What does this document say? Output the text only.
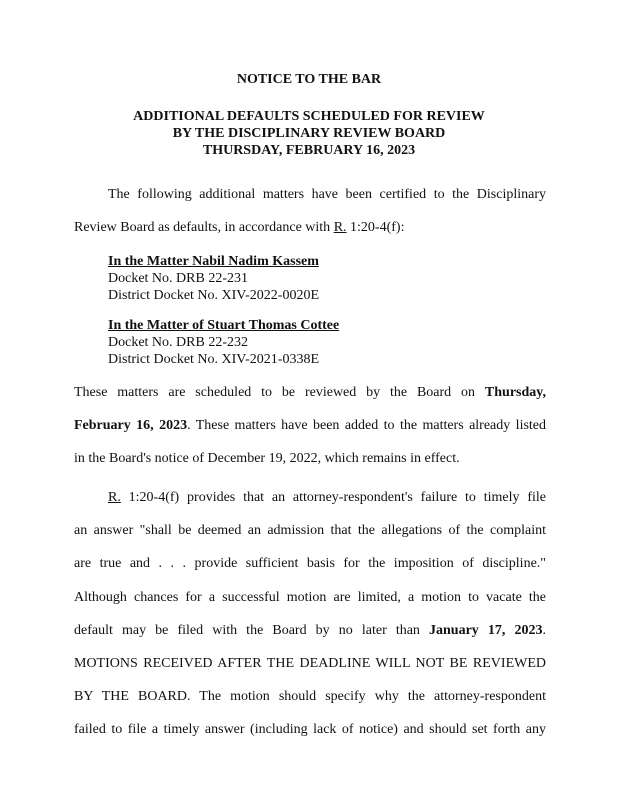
NOTICE TO THE BAR
ADDITIONAL DEFAULTS SCHEDULED FOR REVIEW
BY THE DISCIPLINARY REVIEW BOARD
THURSDAY, FEBRUARY 16, 2023
The following additional matters have been certified to the Disciplinary
Review Board as defaults, in accordance with R. 1:20-4(f):
In the Matter Nabil Nadim Kassem
Docket No. DRB 22-231
District Docket No. XIV-2022-0020E
In the Matter of Stuart Thomas Cottee
Docket No. DRB 22-232
District Docket No. XIV-2021-0338E
These matters are scheduled to be reviewed by the Board on Thursday,
February 16, 2023. These matters have been added to the matters already listed
in the Board's notice of December 19, 2022, which remains in effect.
R. 1:20-4(f) provides that an attorney-respondent's failure to timely file
an answer "shall be deemed an admission that the allegations of the complaint
are true and . . . provide sufficient basis for the imposition of discipline."
Although chances for a successful motion are limited, a motion to vacate the
default may be filed with the Board by no later than January 17, 2023.
MOTIONS RECEIVED AFTER THE DEADLINE WILL NOT BE REVIEWED
BY THE BOARD. The motion should specify why the attorney-respondent
failed to file a timely answer (including lack of notice) and should set forth any
